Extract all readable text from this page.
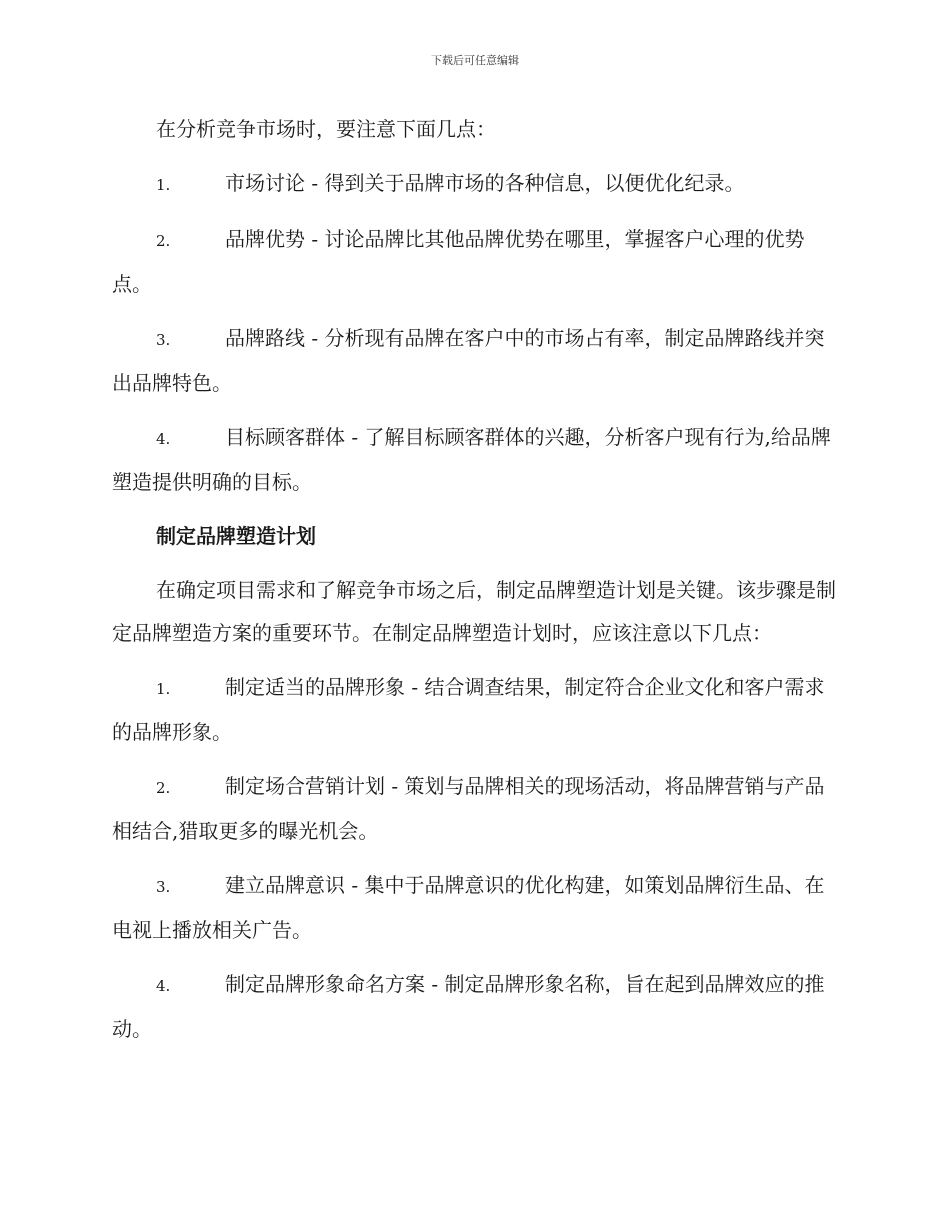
下载后可任意编辑

在分析竞争市场时，要注意下面几点：

1.	市场讨论 - 得到关于品牌市场的各种信息，以便优化纪录。

2.	品牌优势 - 讨论品牌比其他品牌优势在哪里，掌握客户心理的优势点。

3.	品牌路线 - 分析现有品牌在客户中的市场占有率，制定品牌路线并突出品牌特色。

4.	目标顾客群体 - 了解目标顾客群体的兴趣，分析客户现有行为,给品牌塑造提供明确的目标。

制定品牌塑造计划

在确定项目需求和了解竞争市场之后，制定品牌塑造计划是关键。该步骤是制定品牌塑造方案的重要环节。在制定品牌塑造计划时，应该注意以下几点：

1.	制定适当的品牌形象 - 结合调查结果，制定符合企业文化和客户需求的品牌形象。

2.	制定场合营销计划 - 策划与品牌相关的现场活动，将品牌营销与产品相结合,猎取更多的曝光机会。

3.	建立品牌意识 - 集中于品牌意识的优化构建，如策划品牌衍生品、在电视上播放相关广告。

4.	制定品牌形象命名方案 - 制定品牌形象名称，旨在起到品牌效应的推动。
